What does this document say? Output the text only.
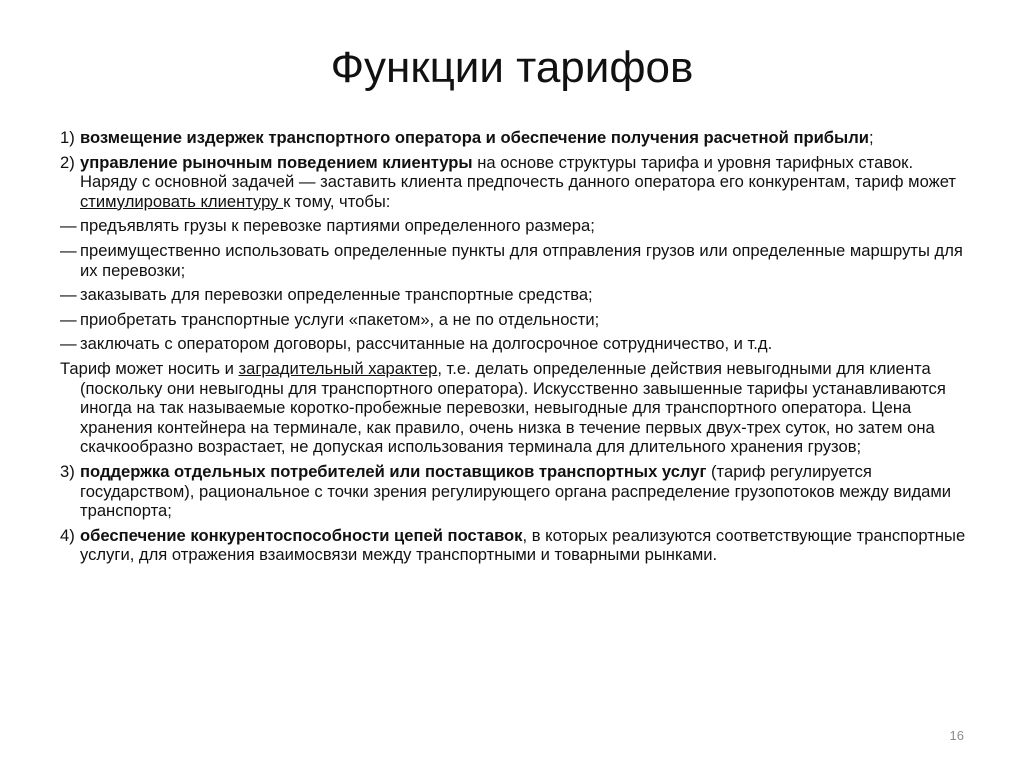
Функции тарифов
1) возмещение издержек транспортного оператора и обеспечение получения расчетной прибыли;
2) управление рыночным поведением клиентуры на основе структуры тарифа и уровня тарифных ставок. Наряду с основной задачей — заставить клиента предпочесть данного оператора его конкурентам, тариф может стимулировать клиентуру к тому, чтобы:
— предъявлять грузы к перевозке партиями определенного размера;
— преимущественно использовать определенные пункты для отправления грузов или определенные маршруты для их перевозки;
— заказывать для перевозки определенные транспортные средства;
— приобретать транспортные услуги «пакетом», а не по отдельности;
— заключать с оператором договоры, рассчитанные на долгосрочное сотрудничество, и т.д.
Тариф может носить и заградительный характер, т.е. делать определенные действия невыгодными для клиента (поскольку они невыгодны для транспортного оператора). Искусственно завышенные тарифы устанавливаются иногда на так называемые коротко-пробежные перевозки, невыгодные для транспортного оператора. Цена хранения контейнера на терминале, как правило, очень низка в течение первых двух-трех суток, но затем она скачкообразно возрастает, не допуская использования терминала для длительного хранения грузов;
3) поддержка отдельных потребителей или поставщиков транспортных услуг (тариф регулируется государством), рациональное с точки зрения регулирующего органа распределение грузопотоков между видами транспорта;
4) обеспечение конкурентоспособности цепей поставок, в которых реализуются соответствующие транспортные услуги, для отражения взаимосвязи между транспортными и товарными рынками.
16
